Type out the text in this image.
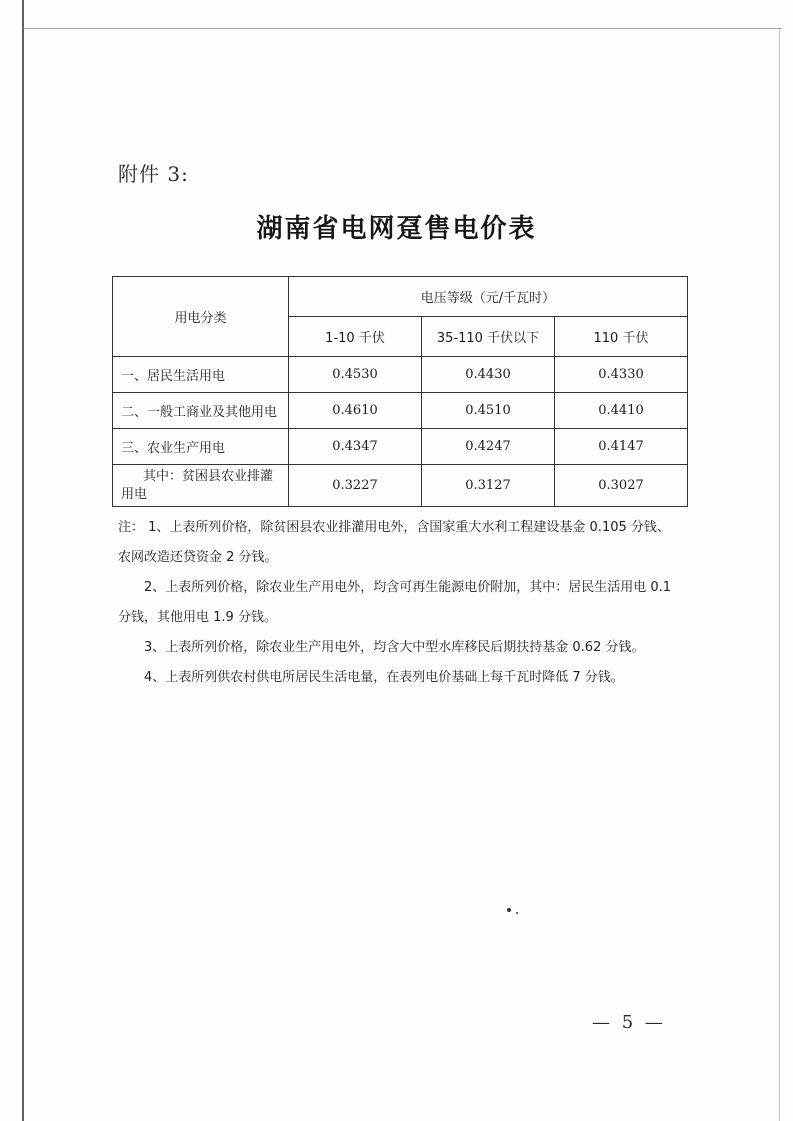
附件 3:
湖南省电网趸售电价表
用电分类	电压等级（元/千瓦时）		
	1-10 千伏	35-110 千伏以下	110 千伏
一、居民生活用电	0.4530	0.4430	0.4330
二、一般工商业及其他用电	0.4610	0.4510	0.4410
三、农业生产用电	0.4347	0.4247	0.4147

其中：贫困县农业排灌
用电	0.3227	0.3127	0.3027

注： 1、上表所列价格，除贫困县农业排灌用电外，含国家重大水利工程建设基金 0.105 分钱、

农网改造还贷资金 2 分钱。

2、上表所列价格，除农业生产用电外，均含可再生能源电价附加，其中：居民生活用电 0.1

分钱，其他用电 1.9 分钱。

3、上表所列价格，除农业生产用电外，均含大中型水库移民后期扶持基金 0.62 分钱。

4、上表所列供农村供电所居民生活电量，在表列电价基础上每千瓦时降低 7 分钱。

— 5 —
